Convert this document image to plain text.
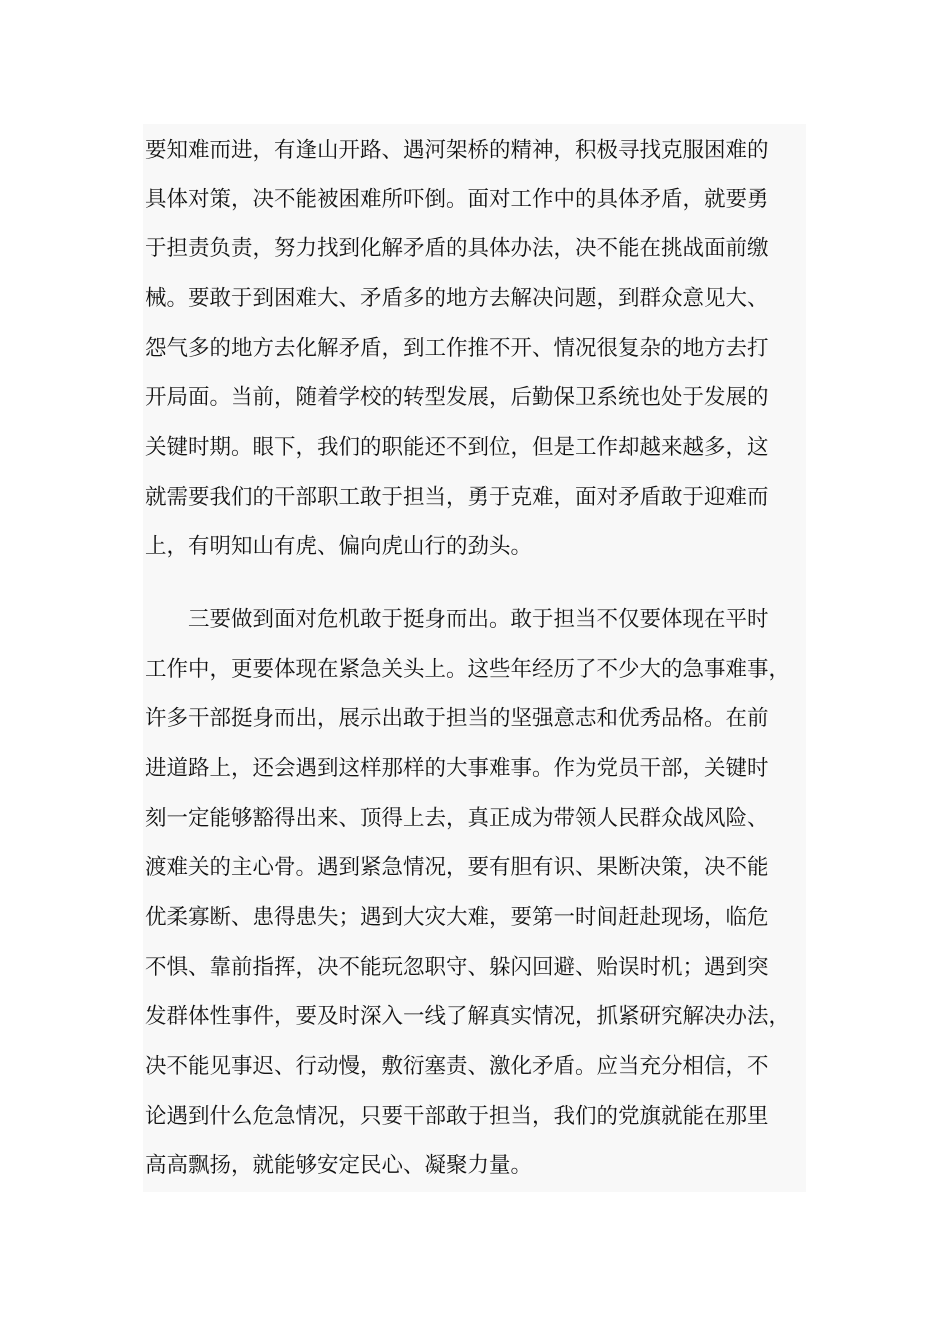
要知难而进，有逢山开路、遇河架桥的精神，积极寻找克服困难的
具体对策，决不能被困难所吓倒。面对工作中的具体矛盾，就要勇
于担责负责，努力找到化解矛盾的具体办法，决不能在挑战面前缴
械。要敢于到困难大、矛盾多的地方去解决问题，到群众意见大、
怨气多的地方去化解矛盾，到工作推不开、情况很复杂的地方去打
开局面。当前，随着学校的转型发展，后勤保卫系统也处于发展的
关键时期。眼下，我们的职能还不到位，但是工作却越来越多，这
就需要我们的干部职工敢于担当，勇于克难，面对矛盾敢于迎难而
上，有明知山有虎、偏向虎山行的劲头。
三要做到面对危机敢于挺身而出。敢于担当不仅要体现在平时
工作中，更要体现在紧急关头上。这些年经历了不少大的急事难事，
许多干部挺身而出，展示出敢于担当的坚强意志和优秀品格。在前
进道路上，还会遇到这样那样的大事难事。作为党员干部，关键时
刻一定能够豁得出来、顶得上去，真正成为带领人民群众战风险、
渡难关的主心骨。遇到紧急情况，要有胆有识、果断决策，决不能
优柔寡断、患得患失；遇到大灾大难，要第一时间赶赴现场，临危
不惧、靠前指挥，决不能玩忽职守、躲闪回避、贻误时机；遇到突
发群体性事件，要及时深入一线了解真实情况，抓紧研究解决办法，
决不能见事迟、行动慢，敷衍塞责、激化矛盾。应当充分相信，不
论遇到什么危急情况，只要干部敢于担当，我们的党旗就能在那里
高高飘扬，就能够安定民心、凝聚力量。
